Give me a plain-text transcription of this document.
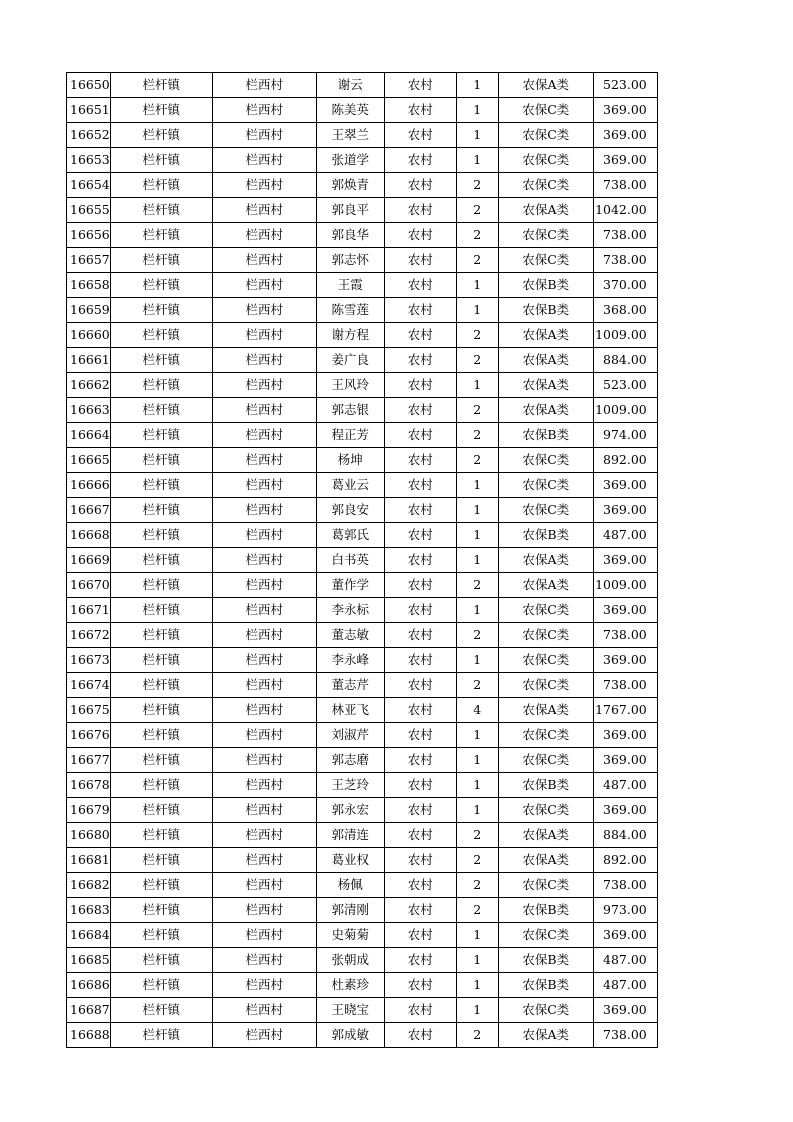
16650	栏杆镇	栏西村	谢云	农村	1	农保A类	523.00
16651	栏杆镇	栏西村	陈美英	农村	1	农保C类	369.00
16652	栏杆镇	栏西村	王翠兰	农村	1	农保C类	369.00
16653	栏杆镇	栏西村	张道学	农村	1	农保C类	369.00
16654	栏杆镇	栏西村	郭焕青	农村	2	农保C类	738.00
16655	栏杆镇	栏西村	郭良平	农村	2	农保A类	1042.00
16656	栏杆镇	栏西村	郭良华	农村	2	农保C类	738.00
16657	栏杆镇	栏西村	郭志怀	农村	2	农保C类	738.00
16658	栏杆镇	栏西村	王霞	农村	1	农保B类	370.00
16659	栏杆镇	栏西村	陈雪莲	农村	1	农保B类	368.00
16660	栏杆镇	栏西村	谢方程	农村	2	农保A类	1009.00
16661	栏杆镇	栏西村	姜广良	农村	2	农保A类	884.00
16662	栏杆镇	栏西村	王风玲	农村	1	农保A类	523.00
16663	栏杆镇	栏西村	郭志银	农村	2	农保A类	1009.00
16664	栏杆镇	栏西村	程正芳	农村	2	农保B类	974.00
16665	栏杆镇	栏西村	杨坤	农村	2	农保C类	892.00
16666	栏杆镇	栏西村	葛业云	农村	1	农保C类	369.00
16667	栏杆镇	栏西村	郭良安	农村	1	农保C类	369.00
16668	栏杆镇	栏西村	葛郭氏	农村	1	农保B类	487.00
16669	栏杆镇	栏西村	白书英	农村	1	农保A类	369.00
16670	栏杆镇	栏西村	董作学	农村	2	农保A类	1009.00
16671	栏杆镇	栏西村	李永标	农村	1	农保C类	369.00
16672	栏杆镇	栏西村	董志敏	农村	2	农保C类	738.00
16673	栏杆镇	栏西村	李永峰	农村	1	农保C类	369.00
16674	栏杆镇	栏西村	董志芹	农村	2	农保C类	738.00
16675	栏杆镇	栏西村	林亚飞	农村	4	农保A类	1767.00
16676	栏杆镇	栏西村	刘淑芹	农村	1	农保C类	369.00
16677	栏杆镇	栏西村	郭志磨	农村	1	农保C类	369.00
16678	栏杆镇	栏西村	王芝玲	农村	1	农保B类	487.00
16679	栏杆镇	栏西村	郭永宏	农村	1	农保C类	369.00
16680	栏杆镇	栏西村	郭清连	农村	2	农保A类	884.00
16681	栏杆镇	栏西村	葛业权	农村	2	农保A类	892.00
16682	栏杆镇	栏西村	杨佩	农村	2	农保C类	738.00
16683	栏杆镇	栏西村	郭清刚	农村	2	农保B类	973.00
16684	栏杆镇	栏西村	史菊菊	农村	1	农保C类	369.00
16685	栏杆镇	栏西村	张朝成	农村	1	农保B类	487.00
16686	栏杆镇	栏西村	杜素珍	农村	1	农保B类	487.00
16687	栏杆镇	栏西村	王晓宝	农村	1	农保C类	369.00
16688	栏杆镇	栏西村	郭成敏	农村	2	农保A类	738.00
